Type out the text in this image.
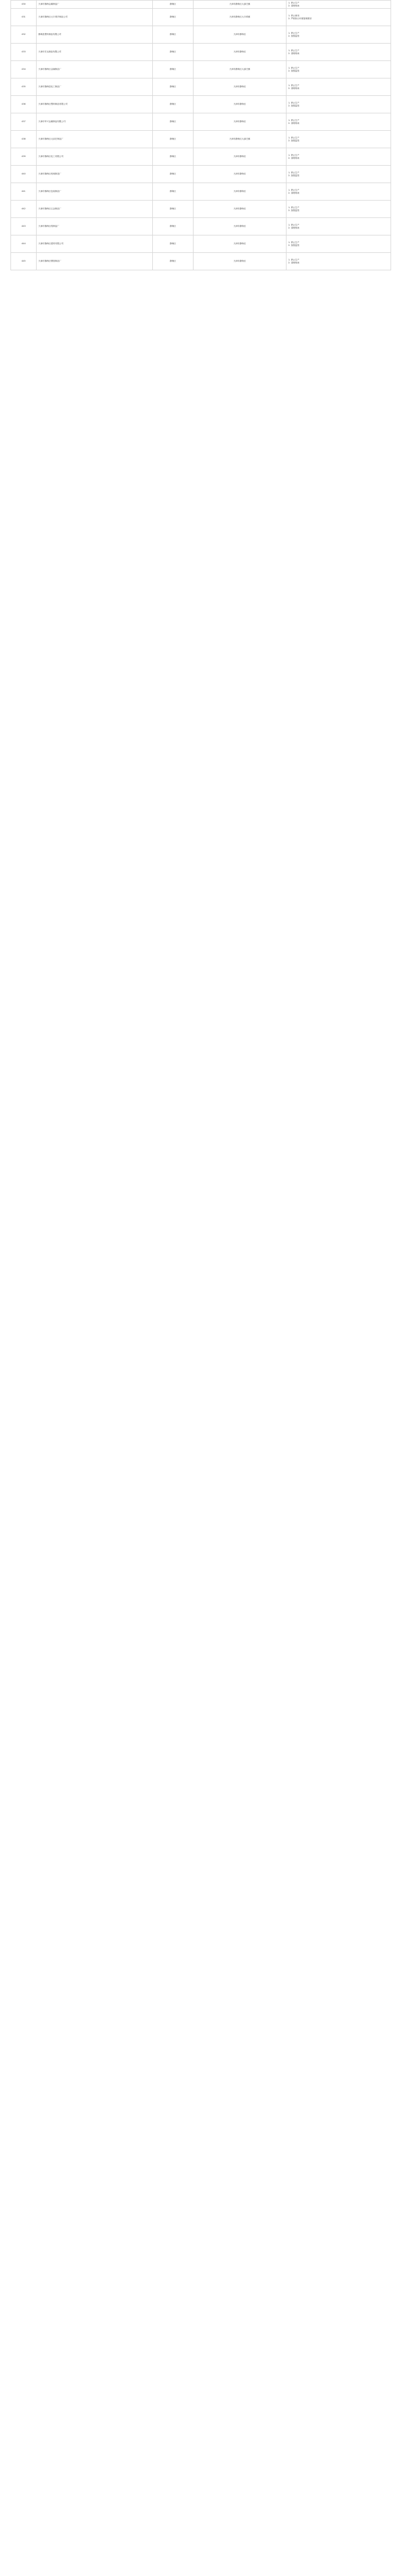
430	天津市静海金属制品厂	静海区	天津市静海区大邱庄镇	1. 停止生产
2. 清理现场

431	天津市静海区大丰堆乡制品公司	静海区	天津市静海区大丰堆镇	1. 停止使用
2. 严格执行环境管理要求

432	静海县塑料制品有限公司	静海区	天津市静海区	1. 停止生产
2. 加强监管

433	天津市宏达制品有限公司	静海区	天津市静海区	1. 停止生产
2. 清理现场

434	天津市静海区金属制品厂	静海区	天津市静海区大邱庄镇	1. 停止生产
2. 加强监管

435	天津市静海县化工制品厂	静海区	天津市静海区	1. 停止生产
2. 清理现场

436	天津市静海区塑料制品有限公司	静海区	天津市静海区	1. 停止生产
2. 加强监管

437	天津市华兴金属制品有限公司	静海区	天津市静海区	1. 停止生产
2. 清理现场

438	天津市静海区大邱庄制品厂	静海区	天津市静海区大邱庄镇	1. 停止生产
2. 加强监管

439	天津市静海区化工有限公司	静海区	天津市静海区	1. 停止生产
2. 清理现场

440	天津市静海区机械制造厂	静海区	天津市静海区	1. 停止生产
2. 加强监管

441	天津市静海区包装制品厂	静海区	天津市静海区	1. 停止生产
2. 清理现场

442	天津市静海区五金制品厂	静海区	天津市静海区	1. 停止生产
2. 加强监管

443	天津市静海区纸制品厂	静海区	天津市静海区	1. 停止生产
2. 清理现场

444	天津市静海区建材有限公司	静海区	天津市静海区	1. 停止生产
2. 加强监管

445	天津市静海区钢管制品厂	静海区	天津市静海区	1. 停止生产
2. 清理现场
